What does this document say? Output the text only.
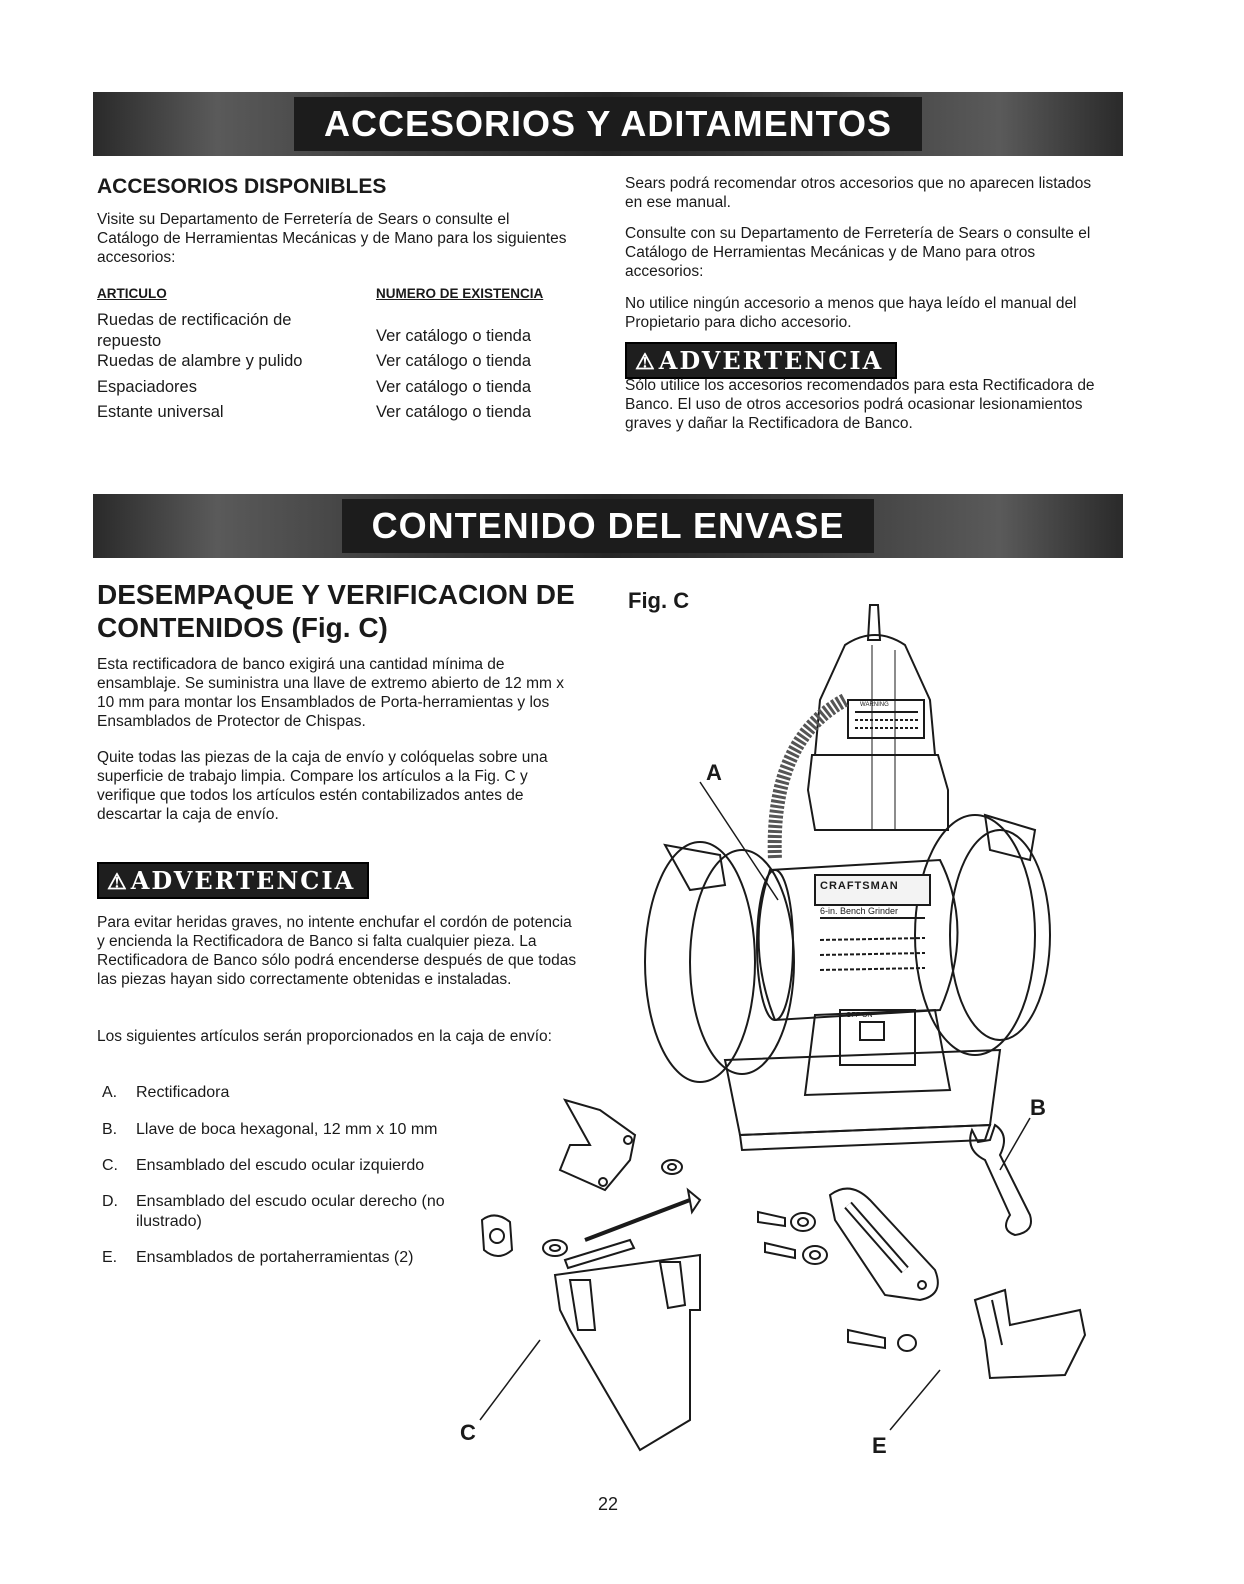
ACCESORIOS Y ADITAMENTOS
ACCESORIOS DISPONIBLES

Visite su Departamento de Ferretería de Sears o consulte el Catálogo de Herramientas Mecánicas y de Mano para los siguientes accesorios:

ARTICULO	NUMERO DE EXISTENCIA
Ruedas de rectificación de repuesto	Ver catálogo o tienda
Ruedas de alambre y pulido	Ver catálogo o tienda
Espaciadores	Ver catálogo o tienda
Estante universal	Ver catálogo o tienda

Sears podrá recomendar otros accesorios que no aparecen listados en ese manual.

Consulte con su Departamento de Ferretería de Sears o consulte el Catálogo de Herramientas Mecánicas y de Mano para otros accesorios:

No utilice ningún accesorio a menos que haya leído el manual del Propietario para dicho accesorio.

⚠ADVERTENCIA

Sólo utilice los accesorios recomendados para esta Rectificadora de Banco. El uso de otros accesorios podrá ocasionar lesionamientos graves y dañar la Rectificadora de Banco.

CONTENIDO DEL ENVASE
DESEMPAQUE Y VERIFICACION DE CONTENIDOS (Fig. C)

Esta rectificadora de banco exigirá una cantidad mínima de ensamblaje. Se suministra una llave de extremo abierto de 12 mm x 10 mm para montar los Ensamblados de Porta-herramientas y los Ensamblados de Protector de Chispas.

Quite todas las piezas de la caja de envío y colóquelas sobre una superficie de trabajo limpia. Compare los artículos a la Fig. C y verifique que todos los artículos estén contabilizados antes de descartar la caja de envío.

⚠ADVERTENCIA

Para evitar heridas graves, no intente enchufar el cordón de potencia y encienda la Rectificadora de Banco si falta cualquier pieza. La Rectificadora de Banco sólo podrá encenderse después de que todas las piezas hayan sido correctamente obtenidas e instaladas.

Los siguientes artículos serán proporcionados en la caja de envío:

A. Rectificadora
B. Llave de boca hexagonal, 12 mm x 10 mm
C. Ensamblado del escudo ocular izquierdo
D. Ensamblado del escudo ocular derecho (no ilustrado)
E. Ensamblados de portaherramientas (2)
Fig. C
A
B
C
E
CRAFTSMAN
6-in. Bench Grinder
WARNING
OFF ON
22
